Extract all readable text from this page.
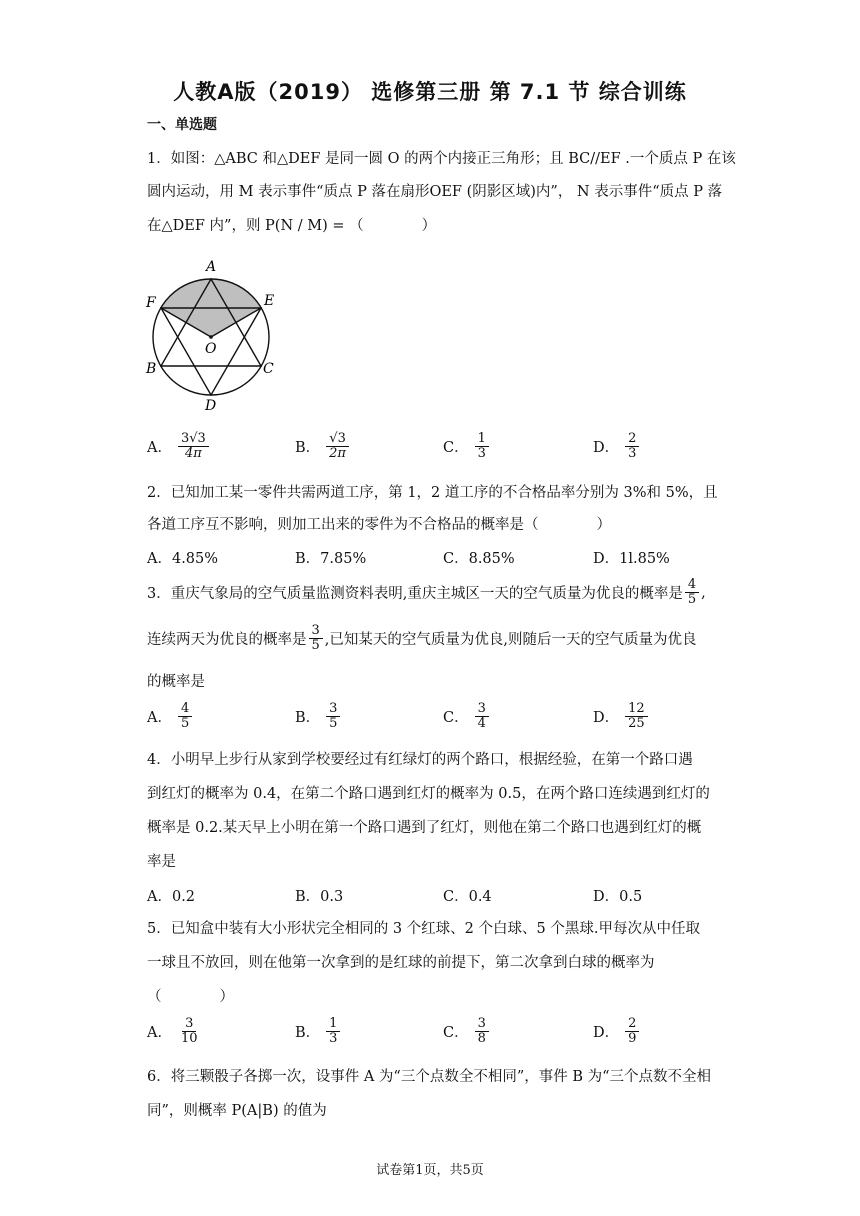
人教A版（2019） 选修第三册 第 7.1 节 综合训练
一、单选题
1．如图：△ABC 和△DEF 是同一圆 O 的两个内接正三角形；且 BC//EF .一个质点 P 在该
圆内运动，用 M 表示事件“质点 P 落在扇形OEF (阴影区域)内”， N 表示事件“质点 P 落
在△DEF 内”，则 P(N / M) = （　　　　）
A
F	E
O
B	C
D
A． $\frac{3√3}{4\pi}$	B． $\frac{√3}{2\pi}$	C． $\frac{1}{3}$	D． $\frac{2}{3}$
2．已知加工某一零件共需两道工序，第 1，2 道工序的不合格品率分别为 3%和 5%，且
各道工序互不影响，则加工出来的零件为不合格品的概率是（　　　　）
A．4.85%	B．7.85%	C．8.85%	D．1l.85%
3．重庆气象局的空气质量监测资料表明,重庆主城区一天的空气质量为优良的概率是 $\frac{4}{5}$ ,
连续两天为优良的概率是 $\frac{3}{5}$ ,已知某天的空气质量为优良,则随后一天的空气质量为优良
的概率是
A． $\frac{4}{5}$	B． $\frac{3}{5}$	C． $\frac{3}{4}$	D． $\frac{12}{25}$
4．小明早上步行从家到学校要经过有红绿灯的两个路口，根据经验，在第一个路口遇
到红灯的概率为 0.4，在第二个路口遇到红灯的概率为 0.5，在两个路口连续遇到红灯的
概率是 0.2.某天早上小明在第一个路口遇到了红灯，则他在第二个路口也遇到红灯的概
率是
A．0.2	B．0.3	C．0.4	D．0.5
5．已知盒中装有大小形状完全相同的 3 个红球、2 个白球、5 个黑球.甲每次从中任取
一球且不放回，则在他第一次拿到的是红球的前提下，第二次拿到白球的概率为
（　　　　）
A． $\frac{3}{10}$	B． $\frac{1}{3}$	C． $\frac{3}{8}$	D． $\frac{2}{9}$
6．将三颗骰子各掷一次，设事件 A 为“三个点数全不相同”，事件 B 为“三个点数不全相
同”，则概率 P(A|B) 的值为
试卷第1页，共5页
